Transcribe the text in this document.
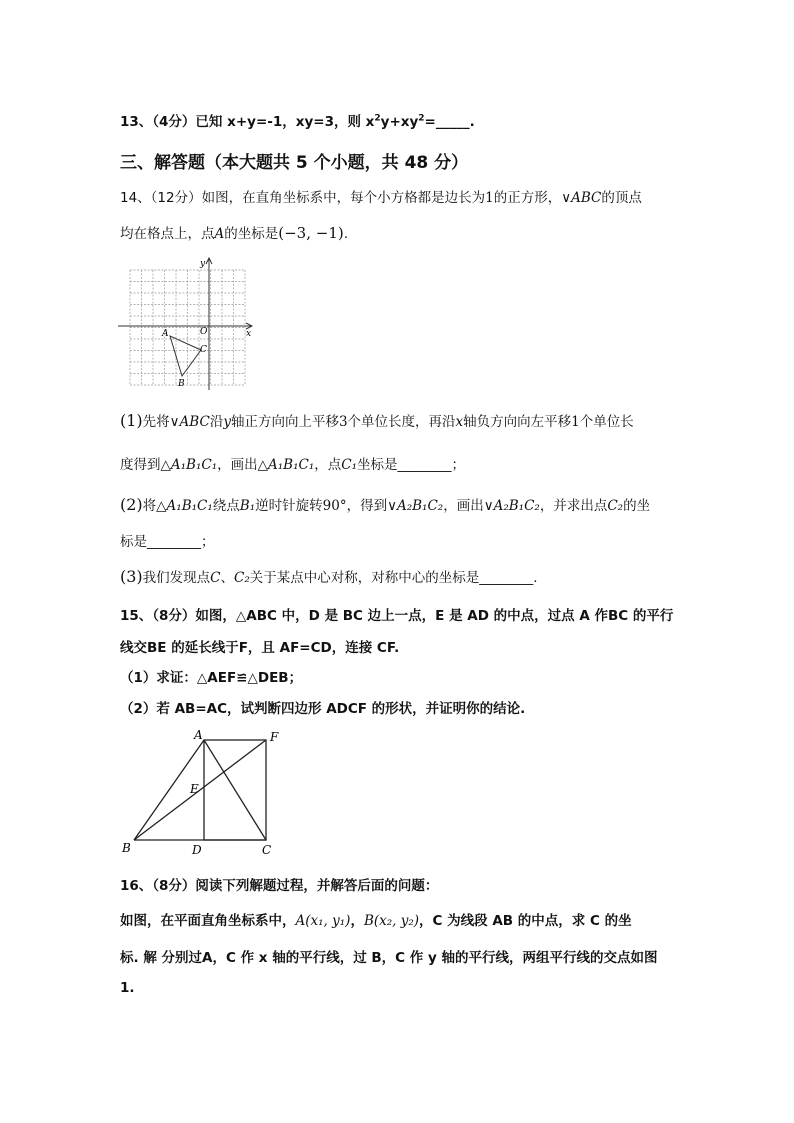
13、（4分）已知 x+y=-1，xy=3，则 $x^2y+xy^2=\_\_\_\_\_$.
三、解答题（本大题共 5 个小题，共 48 分）
14、（12分）如图，在直角坐标系中，每个小方格都是边长为1的正方形，∨ABC的顶点
均在格点上，点A的坐标是(−3, −1).
y
x
O
A
B
C
(1)先将∨ABC沿y轴正方向向上平移3个单位长度，再沿x轴负方向向左平移1个单位长
度得到△A₁B₁C₁，画出△A₁B₁C₁，点C₁坐标是________；
(2)将△A₁B₁C₁绕点B₁逆时针旋转90°，得到∨A₂B₁C₂，画出∨A₂B₁C₂，并求出点C₂的坐
标是________；
(3)我们发现点C、C₂关于某点中心对称，对称中心的坐标是________.
15、（8分）如图，△ABC 中，D 是 BC 边上一点，E 是 AD 的中点，过点 A 作BC 的平行
线交BE 的延长线于F，且 AF=CD，连接 CF.
（1）求证：△AEF≌△DEB；
（2）若 AB=AC，试判断四边形 ADCF 的形状，并证明你的结论.
A	F
E
B	D	C
16、（8分）阅读下列解题过程，并解答后面的问题：
如图，在平面直角坐标系中，A(x₁, y₁)，B(x₂, y₂)，C 为线段 AB 的中点，求 C 的坐
标. 解 分别过A，C 作 x 轴的平行线，过 B，C 作 y 轴的平行线，两组平行线的交点如图
1.
